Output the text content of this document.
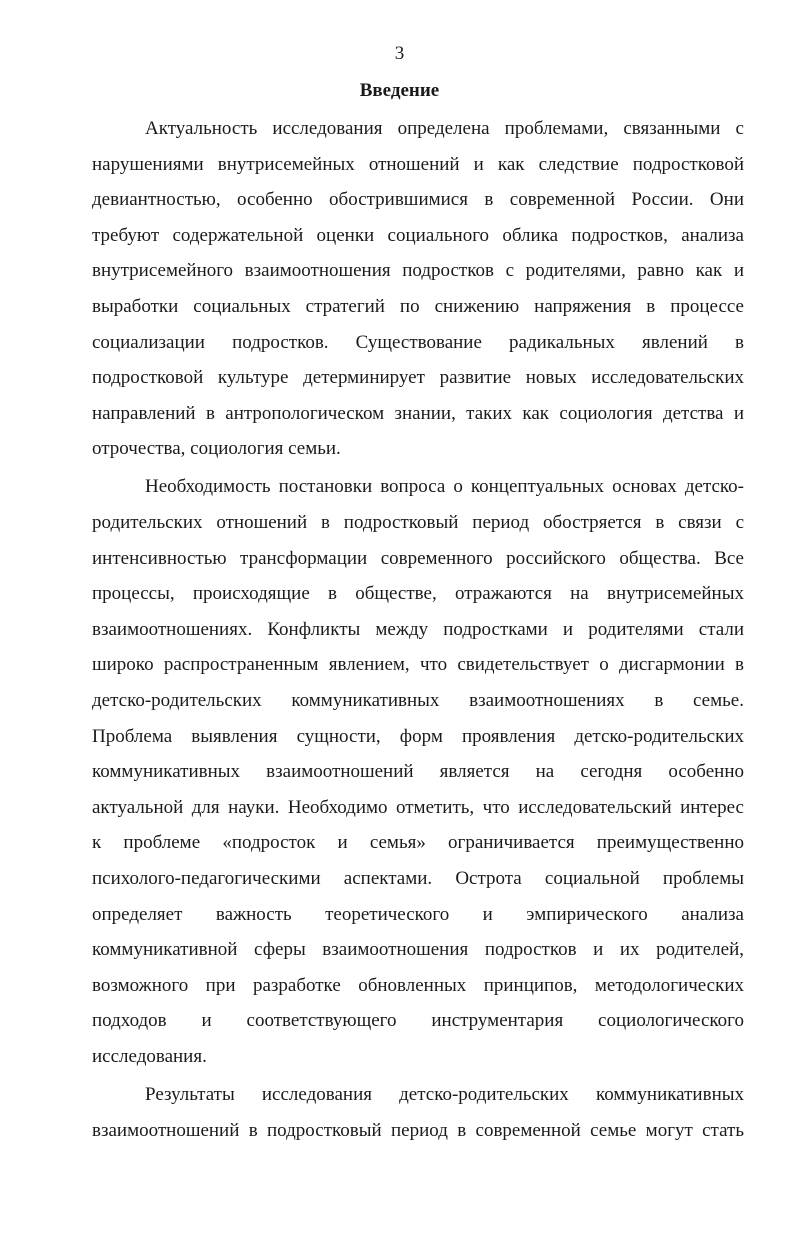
3
Введение
Актуальность исследования определена проблемами, связанными с
нарушениями внутрисемейных отношений и как следствие подростковой
девиантностью, особенно обострившимися в современной России. Они
требуют содержательной оценки социального облика подростков, анализа
внутрисемейного взаимоотношения подростков с родителями, равно как и
выработки социальных стратегий по снижению напряжения в процессе
социализации подростков. Существование радикальных явлений в
подростковой культуре детерминирует развитие новых исследовательских
направлений в антропологическом знании, таких как социология детства и
отрочества, социология семьи.
Необходимость постановки вопроса о концептуальных основах детско-
родительских отношений в подростковый период обостряется в связи с
интенсивностью трансформации современного российского общества. Все
процессы, происходящие в обществе, отражаются на внутрисемейных
взаимоотношениях. Конфликты между подростками и родителями стали
широко распространенным явлением, что свидетельствует о дисгармонии в
детско-родительских коммуникативных взаимоотношениях в семье.
Проблема выявления сущности, форм проявления детско-родительских
коммуникативных взаимоотношений является на сегодня особенно
актуальной для науки. Необходимо отметить, что исследовательский интерес
к проблеме «подросток и семья» ограничивается преимущественно
психолого-педагогическими аспектами. Острота социальной проблемы
определяет важность теоретического и эмпирического анализа
коммуникативной сферы взаимоотношения подростков и их родителей,
возможного при разработке обновленных принципов, методологических
подходов и соответствующего инструментария социологического
исследования.
Результаты исследования детско-родительских коммуникативных
взаимоотношений в подростковый период в современной семье могут стать
